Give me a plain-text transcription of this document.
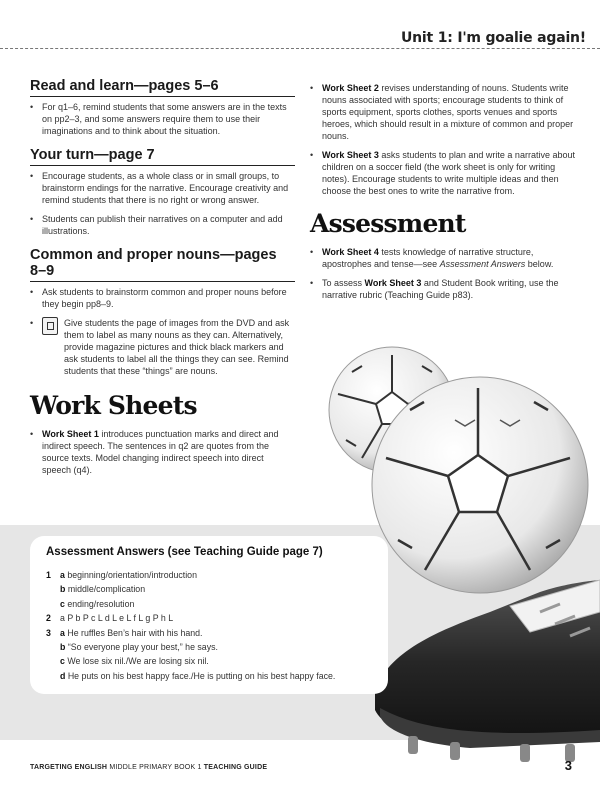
Unit 1: I'm goalie again!
Read and learn—pages 5–6
• For q1–6, remind students that some answers are in the texts on pp2–3, and some answers require them to use their imaginations and to think about the situation.
Your turn—page 7
• Encourage students, as a whole class or in small groups, to brainstorm endings for the narrative. Encourage creativity and remind students that there is no right or wrong answer.
• Students can publish their narratives on a computer and add illustrations.
Common and proper nouns—pages 8–9
• Ask students to brainstorm common and proper nouns before they begin pp8–9.
• Give students the page of images from the DVD and ask them to label as many nouns as they can. Alternatively, provide magazine pictures and thick black markers and ask students to label all the things they can see. Remind students that these “things” are nouns.
Work Sheets
• Work Sheet 1 introduces punctuation marks and direct and indirect speech. The sentences in q2 are quotes from the source texts. Model changing indirect speech into direct speech (q4).
• Work Sheet 2 revises understanding of nouns. Students write nouns associated with sports; encourage students to think of sports equipment, sports clothes, sports venues and sports heroes, which should result in a mixture of common and proper nouns.
• Work Sheet 3 asks students to plan and write a narrative about children on a soccer field (the work sheet is only for writing notes). Encourage students to write multiple ideas and then choose the best ones to write the narrative from.
Assessment
• Work Sheet 4 tests knowledge of narrative structure, apostrophes and tense—see Assessment Answers below.
• To assess Work Sheet 3 and Student Book writing, use the narrative rubric (Teaching Guide p83).
Assessment Answers (see Teaching Guide page 7)
1	a beginning/orientation/introduction
b middle/complication
c ending/resolution
2	a P b P c L d L e L f L g P h L
3	a He ruffles Ben’s hair with his hand.
b “So everyone play your best,” he says.
c We lose six nil./We are losing six nil.
d He puts on his best happy face./He is putting on his best happy face.
TARGETING ENGLISH MIDDLE PRIMARY BOOK 1 TEACHING GUIDE	3
